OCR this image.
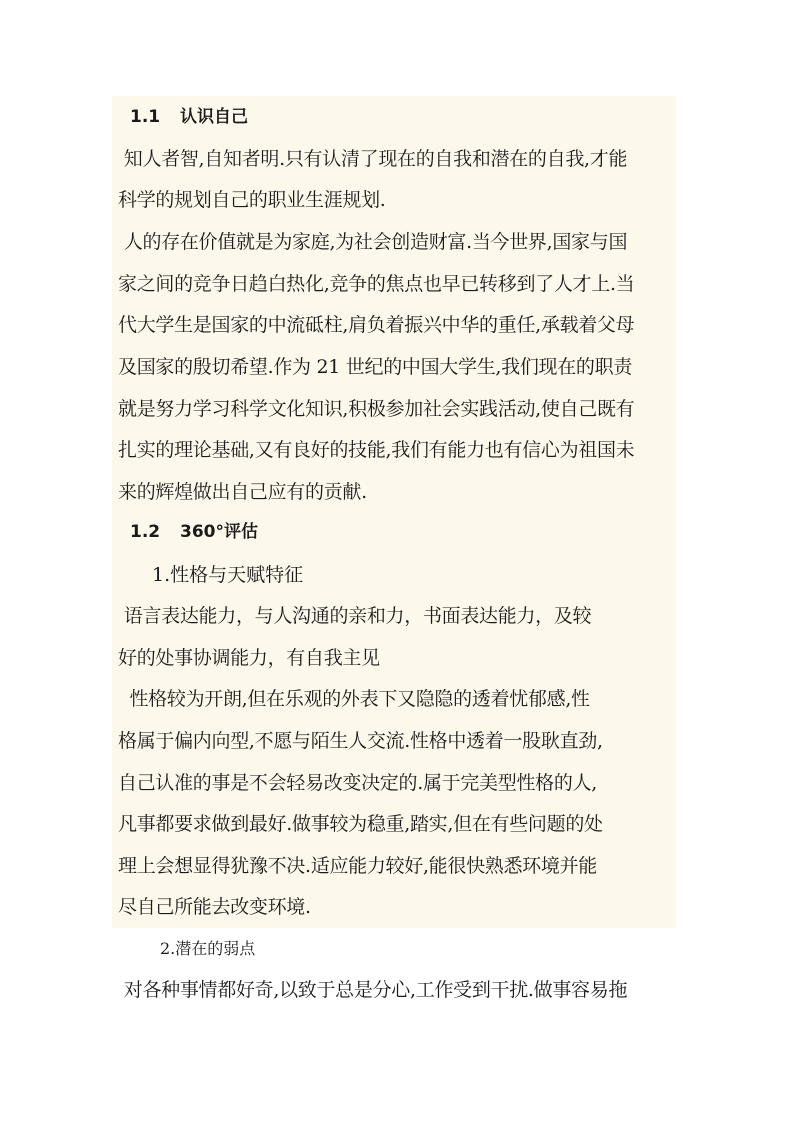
1.1 认识自己
知人者智,自知者明.只有认清了现在的自我和潜在的自我,才能
科学的规划自己的职业生涯规划.
人的存在价值就是为家庭,为社会创造财富.当今世界,国家与国
家之间的竞争日趋白热化,竞争的焦点也早已转移到了人才上.当
代大学生是国家的中流砥柱,肩负着振兴中华的重任,承载着父母
及国家的殷切希望.作为 21 世纪的中国大学生,我们现在的职责
就是努力学习科学文化知识,积极参加社会实践活动,使自己既有
扎实的理论基础,又有良好的技能,我们有能力也有信心为祖国未
来的辉煌做出自己应有的贡献.
1.2 360°评估
1.性格与天赋特征
语言表达能力，与人沟通的亲和力，书面表达能力，及较
好的处事协调能力，有自我主见
性格较为开朗,但在乐观的外表下又隐隐的透着忧郁感,性
格属于偏内向型,不愿与陌生人交流.性格中透着一股耿直劲,
自己认准的事是不会轻易改变决定的.属于完美型性格的人,
凡事都要求做到最好.做事较为稳重,踏实,但在有些问题的处
理上会想显得犹豫不决.适应能力较好,能很快熟悉环境并能
尽自己所能去改变环境.
2.潜在的弱点
对各种事情都好奇,以致于总是分心,工作受到干扰.做事容易拖
